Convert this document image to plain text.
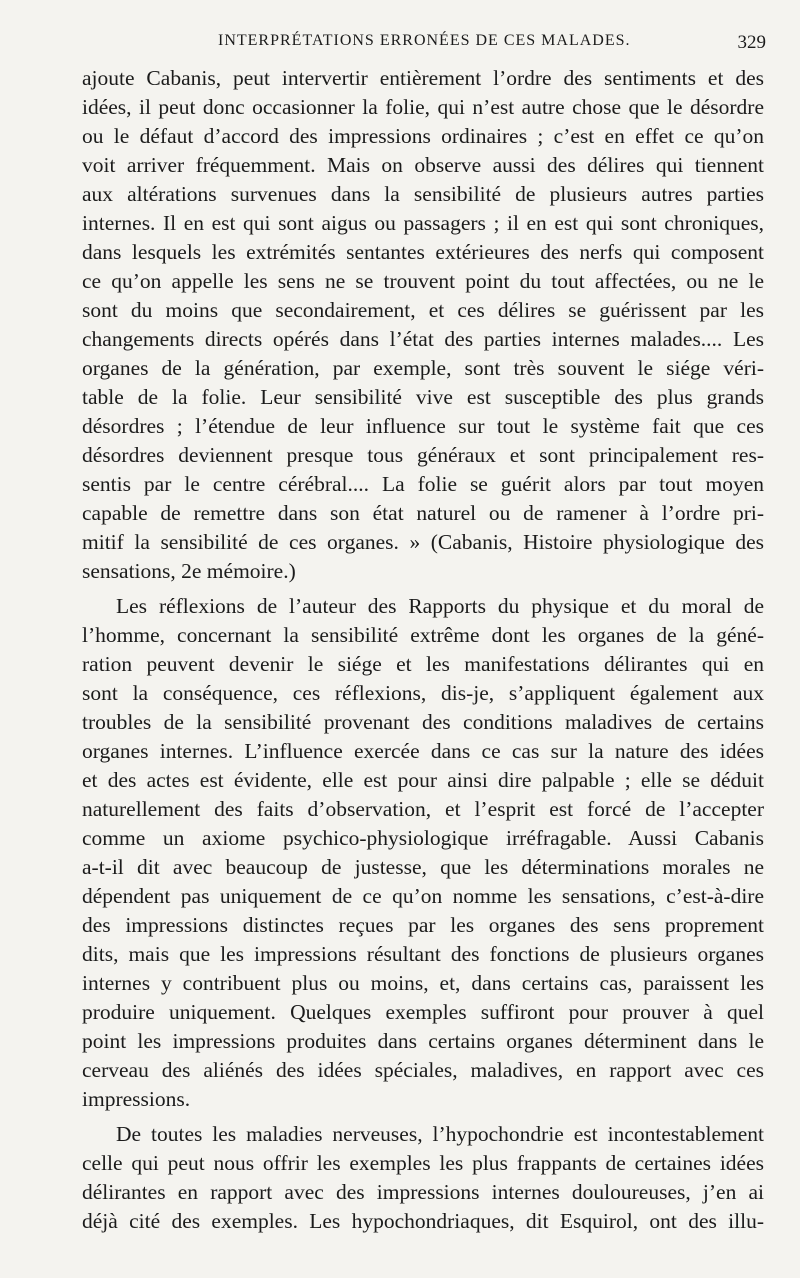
INTERPRÉTATIONS ERRONÉES DE CES MALADES.	329
ajoute Cabanis, peut intervertir entièrement l’ordre des sentiments et des
idées, il peut donc occasionner la folie, qui n’est autre chose que le désordre
ou le défaut d’accord des impressions ordinaires ; c’est en effet ce qu’on
voit arriver fréquemment. Mais on observe aussi des délires qui tiennent
aux altérations survenues dans la sensibilité de plusieurs autres parties
internes. Il en est qui sont aigus ou passagers ; il en est qui sont chroniques,
dans lesquels les extrémités sentantes extérieures des nerfs qui composent
ce qu’on appelle les sens ne se trouvent point du tout affectées, ou ne le
sont du moins que secondairement, et ces délires se guérissent par les
changements directs opérés dans l’état des parties internes malades.... Les
organes de la génération, par exemple, sont très souvent le siége véri-
table de la folie. Leur sensibilité vive est susceptible des plus grands
désordres ; l’étendue de leur influence sur tout le système fait que ces
désordres deviennent presque tous généraux et sont principalement res-
sentis par le centre cérébral.... La folie se guérit alors par tout moyen
capable de remettre dans son état naturel ou de ramener à l’ordre pri-
mitif la sensibilité de ces organes. » (Cabanis, Histoire physiologique des
sensations, 2e mémoire.)
Les réflexions de l’auteur des Rapports du physique et du moral de
l’homme, concernant la sensibilité extrême dont les organes de la géné-
ration peuvent devenir le siége et les manifestations délirantes qui en
sont la conséquence, ces réflexions, dis-je, s’appliquent également aux
troubles de la sensibilité provenant des conditions maladives de certains
organes internes. L’influence exercée dans ce cas sur la nature des idées
et des actes est évidente, elle est pour ainsi dire palpable ; elle se déduit
naturellement des faits d’observation, et l’esprit est forcé de l’accepter
comme un axiome psychico-physiologique irréfragable. Aussi Cabanis
a-t-il dit avec beaucoup de justesse, que les déterminations morales ne
dépendent pas uniquement de ce qu’on nomme les sensations, c’est-à-dire
des impressions distinctes reçues par les organes des sens proprement
dits, mais que les impressions résultant des fonctions de plusieurs organes
internes y contribuent plus ou moins, et, dans certains cas, paraissent les
produire uniquement. Quelques exemples suffiront pour prouver à quel
point les impressions produites dans certains organes déterminent dans le
cerveau des aliénés des idées spéciales, maladives, en rapport avec ces
impressions.
De toutes les maladies nerveuses, l’hypochondrie est incontestablement
celle qui peut nous offrir les exemples les plus frappants de certaines idées
délirantes en rapport avec des impressions internes douloureuses, j’en ai
déjà cité des exemples. Les hypochondriaques, dit Esquirol, ont des illu-
